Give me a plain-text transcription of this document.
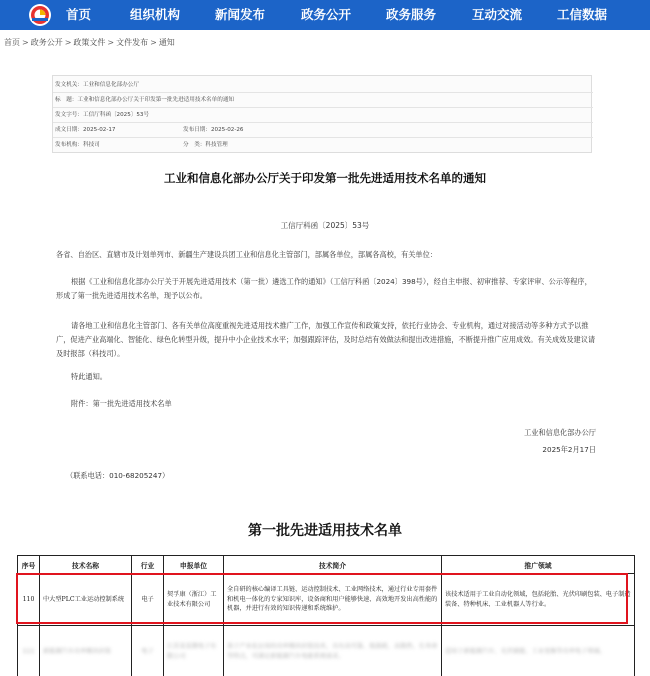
首页	组织机构	新闻发布	政务公开	政务服务	互动交流	工信数据
首页 > 政务公开 > 政策文件 > 文件发布 > 通知
发文机关：工业和信息化部办公厅
标　题：工业和信息化部办公厅关于印发第一批先进适用技术名单的通知
发文字号：工信厅科函〔2025〕53号
成文日期：2025-02-17	发布日期：2025-02-26
发布机构：科技司	分　类：科技管理
工业和信息化部办公厅关于印发第一批先进适用技术名单的通知
工信厅科函〔2025〕53号
各省、自治区、直辖市及计划单列市、新疆生产建设兵团工业和信息化主管部门，部属各单位，部属各高校，有关单位：
根据《工业和信息化部办公厅关于开展先进适用技术（第一批）遴选工作的通知》（工信厅科函〔2024〕398号），经自主申报、初审推荐、专家评审、公示等程序，形成了第一批先进适用技术名单，现予以公布。
请各地工业和信息化主管部门、各有关单位高度重视先进适用技术推广工作，加强工作宣传和政策支持，依托行业协会、专业机构，通过对接活动等多种方式予以推广，促进产业高端化、智能化、绿色化转型升级，提升中小企业技术水平；加强跟踪评估，及时总结有效做法和提出改进措施，不断提升推广应用成效。有关成效及建议请及时报部（科技司）。
特此通知。
附件：第一批先进适用技术名单
工业和信息化部办公厅
2025年2月17日
（联系电话：010-68205247）
第一批先进适用技术名单
序号	技术名称	行业	申报单位	技术简介	推广领域
110	中大型PLC工业运动控制系统	电子	契孚康（浙江）工业技术有限公司	全自研的核心编译工具链、运动控制技术、工业网络技术，通过行业专用套件和机电一体化的专家知识库，设备商和用户能够快速、高效地开发出高性能的机器，并进行有效的知识传递和系统维护。	该技术适用于工业自动化领域，包括轮胎、光伏印刷包装、电子制造装备、特种机床、工业机器人等行业。
111	新能源汽车功率模块封装	电子	江苏某某微电子有限公司	基于产业化应用的功率模块封装技术，具有高可靠、低损耗、高散热、长寿命等特点，可满足新能源汽车电驱系统需求。	适用于新能源汽车、光伏储能、工业变频等功率电子领域。
